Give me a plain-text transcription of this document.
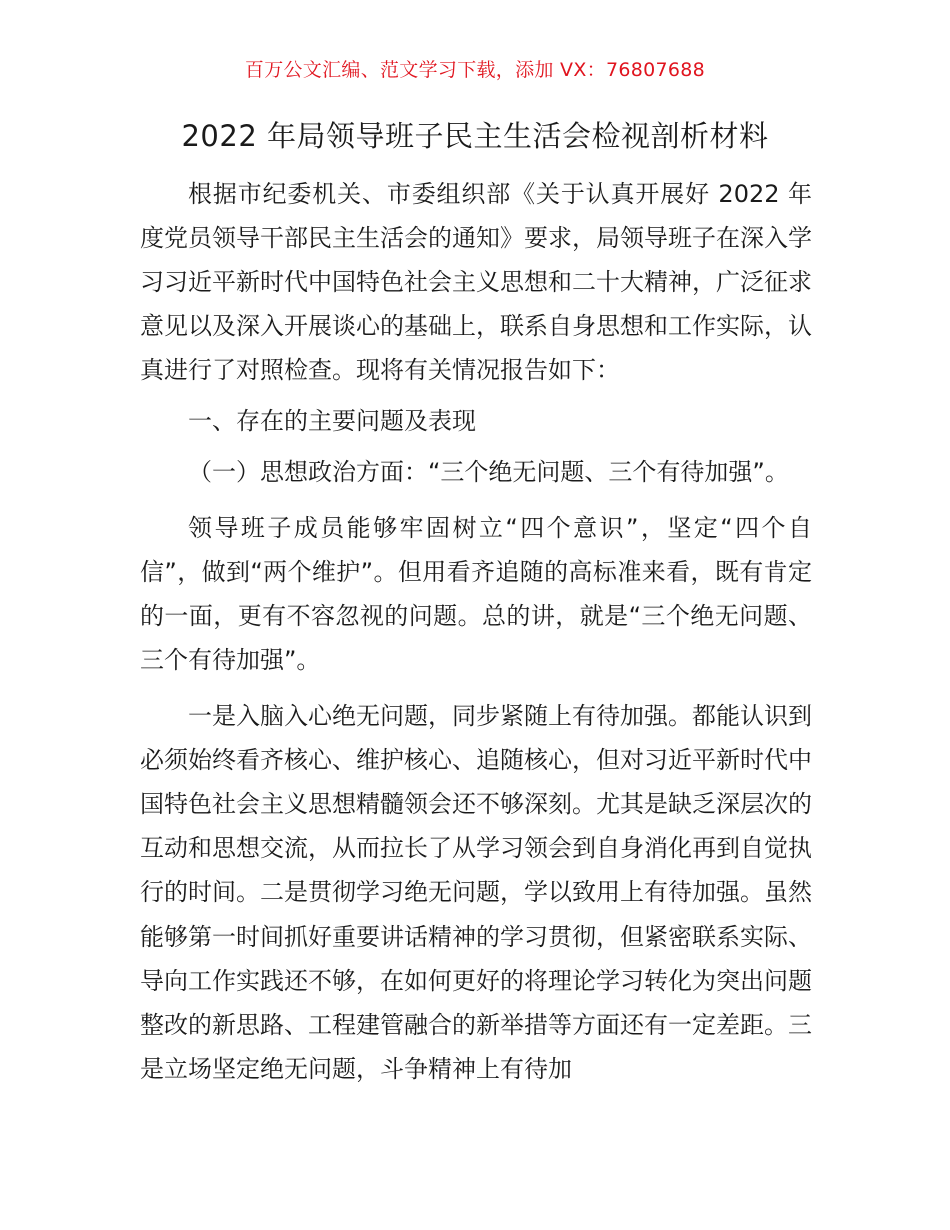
百万公文汇编、范文学习下载，添加 VX：76807688
2022 年局领导班子民主生活会检视剖析材料

根据市纪委机关、市委组织部《关于认真开展好 2022 年度党员领导干部民主生活会的通知》要求，局领导班子在深入学习习近平新时代中国特色社会主义思想和二十大精神，广泛征求意见以及深入开展谈心的基础上，联系自身思想和工作实际，认真进行了对照检查。现将有关情况报告如下：

一、存在的主要问题及表现

（一）思想政治方面：“三个绝无问题、三个有待加强”。

领导班子成员能够牢固树立“四个意识”，坚定“四个自信”，做到“两个维护”。但用看齐追随的高标准来看，既有肯定的一面，更有不容忽视的问题。总的讲，就是“三个绝无问题、三个有待加强”。

一是入脑入心绝无问题，同步紧随上有待加强。都能认识到必须始终看齐核心、维护核心、追随核心，但对习近平新时代中国特色社会主义思想精髓领会还不够深刻。尤其是缺乏深层次的互动和思想交流，从而拉长了从学习领会到自身消化再到自觉执行的时间。二是贯彻学习绝无问题，学以致用上有待加强。虽然能够第一时间抓好重要讲话精神的学习贯彻，但紧密联系实际、导向工作实践还不够，在如何更好的将理论学习转化为突出问题整改的新思路、工程建管融合的新举措等方面还有一定差距。三是立场坚定绝无问题，斗争精神上有待加
